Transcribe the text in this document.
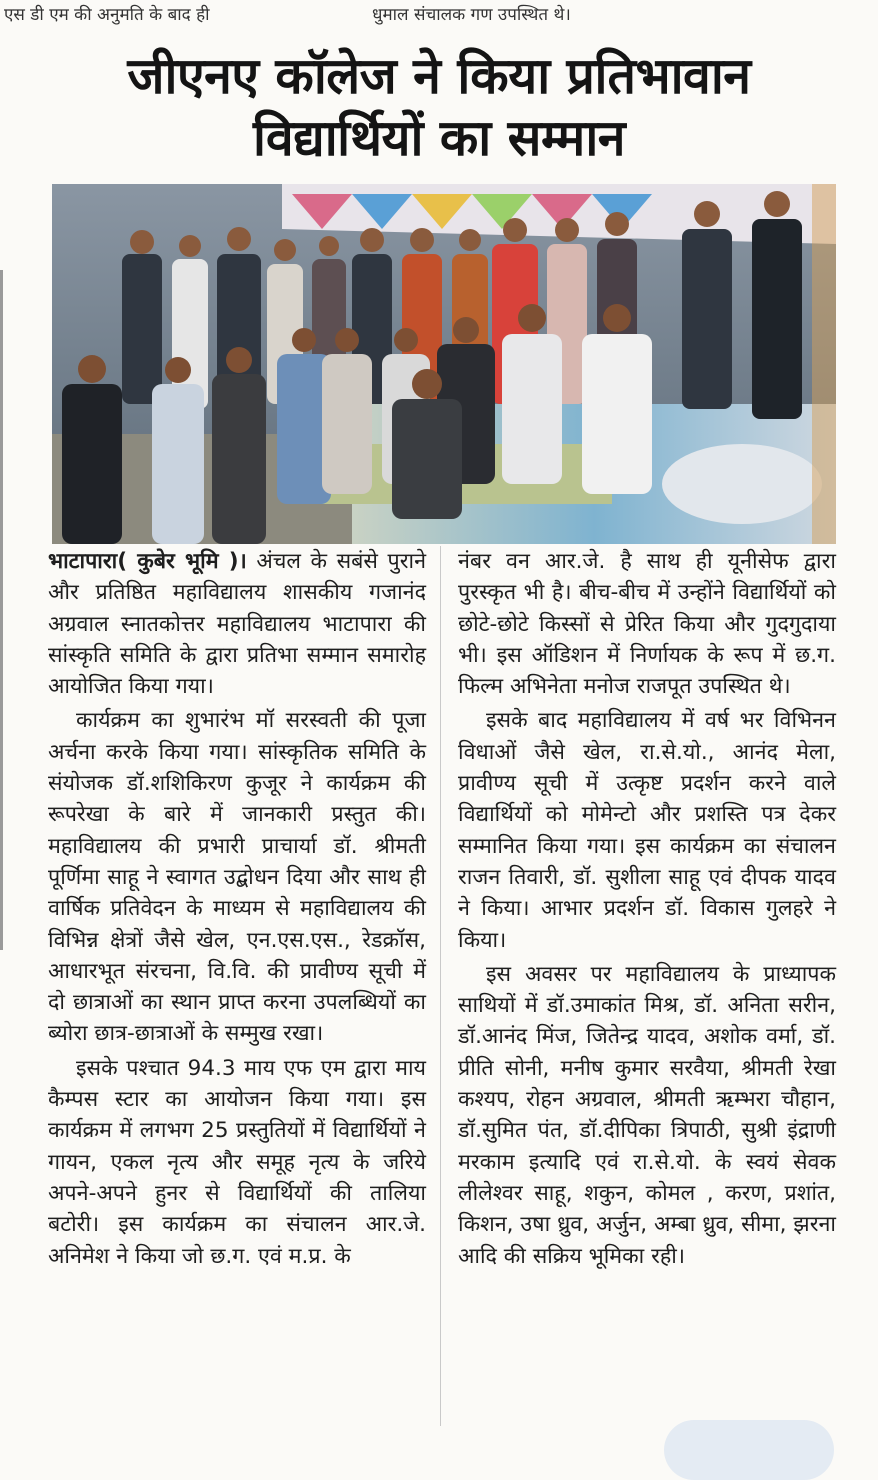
एस डी एम की अनुमति के बाद ही	धुमाल संचालक गण उपस्थित थे।
जीएनए कॉलेज ने किया प्रतिभावान
विद्यार्थियों का सम्मान

भाटापारा( कुबेर भूमि )। अंचल के सबंसे पुराने और प्रतिष्ठित महाविद्यालय शासकीय गजानंद अग्रवाल स्नातकोत्तर महाविद्यालय भाटापारा की सांस्कृति समिति के द्वारा प्रतिभा सम्मान समारोह आयोजित किया गया।

कार्यक्रम का शुभारंभ मॉ सरस्वती की पूजा अर्चना करके किया गया। सांस्कृतिक समिति के संयोजक डॉ.शशिकिरण कुजूर ने कार्यक्रम की रूपरेखा के बारे में जानकारी प्रस्तुत की। महाविद्यालय की प्रभारी प्राचार्या डॉ. श्रीमती पूर्णिमा साहू ने स्वागत उद्बोधन दिया और साथ ही वार्षिक प्रतिवेदन के माध्यम से महाविद्यालय की विभिन्न क्षेत्रों जैसे खेल, एन.एस.एस., रेडक्रॉस, आधारभूत संरचना, वि.वि. की प्रावीण्य सूची में दो छात्राओं का स्थान प्राप्त करना उपलब्धियों का ब्योरा छात्र-छात्राओं के सम्मुख रखा।

इसके पश्चात 94.3 माय एफ एम द्वारा माय कैम्पस स्टार का आयोजन किया गया। इस कार्यक्रम में लगभग 25 प्रस्तुतियों में विद्यार्थियों ने गायन, एकल नृत्य और समूह नृत्य के जरिये अपने-अपने हुनर से विद्यार्थियों की तालिया बटोरी। इस कार्यक्रम का संचालन आर.जे. अनिमेश ने किया जो छ.ग. एवं म.प्र. के

नंबर वन आर.जे. है साथ ही यूनीसेफ द्वारा पुरस्कृत भी है। बीच-बीच में उन्होंने विद्यार्थियों को छोटे-छोटे किस्सों से प्रेरित किया और गुदगुदाया भी। इस ऑडिशन में निर्णायक के रूप में छ.ग. फिल्म अभिनेता मनोज राजपूत उपस्थित थे।

इसके बाद महाविद्यालय में वर्ष भर विभिनन विधाओं जैसे खेल, रा.से.यो., आनंद मेला, प्रावीण्य सूची में उत्कृष्ट प्रदर्शन करने वाले विद्यार्थियों को मोमेन्टो और प्रशस्ति पत्र देकर सम्मानित किया गया। इस कार्यक्रम का संचालन राजन तिवारी, डॉ. सुशीला साहू एवं दीपक यादव ने किया। आभार प्रदर्शन डॉ. विकास गुलहरे ने किया।

इस अवसर पर महाविद्यालय के प्राध्यापक साथियों में डॉ.उमाकांत मिश्र, डॉ. अनिता सरीन, डॉ.आनंद मिंज, जितेन्द्र यादव, अशोक वर्मा, डॉ. प्रीति सोनी, मनीष कुमार सरवैया, श्रीमती रेखा कश्यप, रोहन अग्रवाल, श्रीमती ऋम्भरा चौहान, डॉ.सुमित पंत, डॉ.दीपिका त्रिपाठी, सुश्री इंद्राणी मरकाम इत्यादि एवं रा.से.यो. के स्वयं सेवक लीलेश्वर साहू, शकुन, कोमल , करण, प्रशांत, किशन, उषा ध्रुव, अर्जुन, अम्बा ध्रुव, सीमा, झरना आदि की सक्रिय भूमिका रही।
